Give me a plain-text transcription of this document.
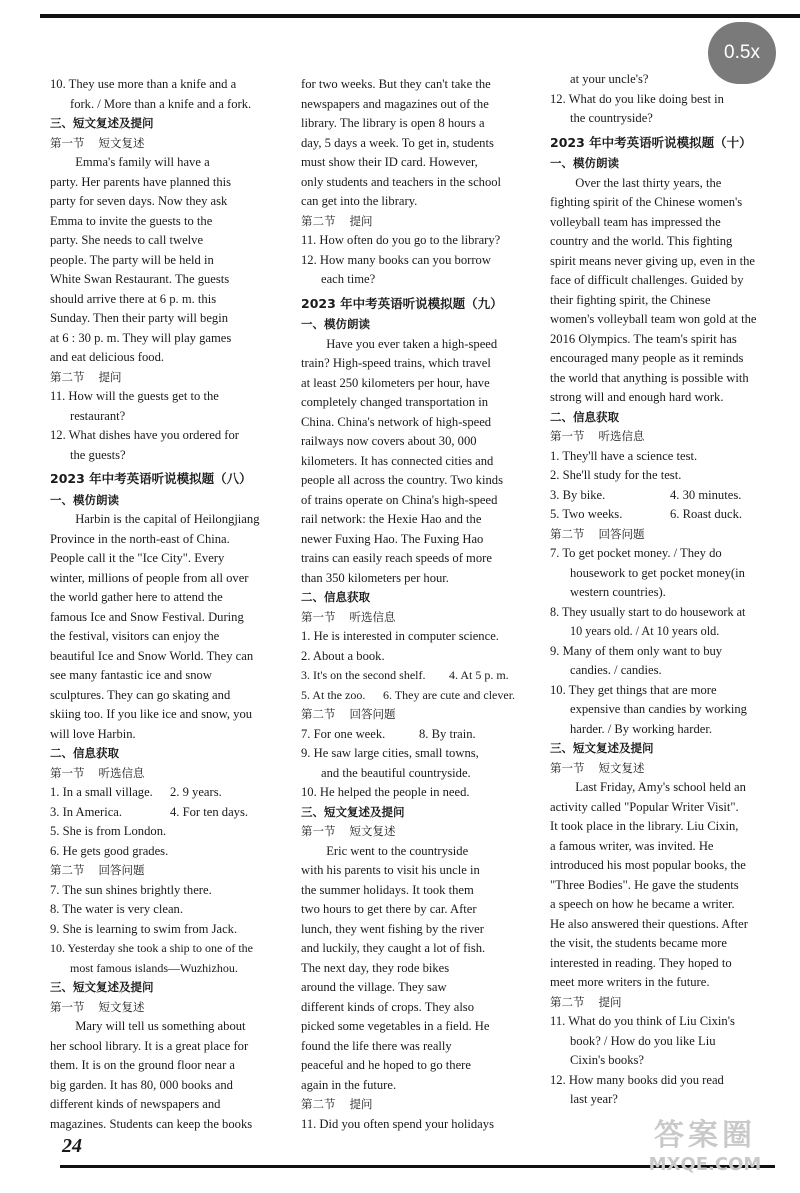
0.5x
10. They use more than a knife and a
fork. / More than a knife and a fork.
三、短文复述及提问
第一节 短文复述
Emma's family will have a
party. Her parents have planned this
party for seven days. Now they ask
Emma to invite the guests to the
party. She needs to call twelve
people. The party will be held in
White Swan Restaurant. The guests
should arrive there at 6 p. m. this
Sunday. Then their party will begin
at 6 : 30 p. m. They will play games
and eat delicious food.
第二节 提问
11. How will the guests get to the
restaurant?
12. What dishes have you ordered for
the guests?
2023 年中考英语听说模拟题（八）
一、模仿朗读
Harbin is the capital of Heilongjiang
Province in the north-east of China.
People call it the "Ice City". Every
winter, millions of people from all over
the world gather here to attend the
famous Ice and Snow Festival. During
the festival, visitors can enjoy the
beautiful Ice and Snow World. They can
see many fantastic ice and snow
sculptures. They can go skating and
skiing too. If you like ice and snow, you
will love Harbin.
二、信息获取
第一节 听选信息
1. In a small village.	2. 9 years.
3. In America.	4. For ten days.
5. She is from London.
6. He gets good grades.
第二节 回答问题
7. The sun shines brightly there.
8. The water is very clean.
9. She is learning to swim from Jack.
10. Yesterday she took a ship to one of the
most famous islands—Wuzhizhou.
三、短文复述及提问
第一节 短文复述
Mary will tell us something about
her school library. It is a great place for
them. It is on the ground floor near a
big garden. It has 80, 000 books and
different kinds of newspapers and
magazines. Students can keep the books
for two weeks. But they can't take the
newspapers and magazines out of the
library. The library is open 8 hours a
day, 5 days a week. To get in, students
must show their ID card. However,
only students and teachers in the school
can get into the library.
第二节 提问
11. How often do you go to the library?
12. How many books can you borrow
each time?
2023 年中考英语听说模拟题（九）
一、模仿朗读
Have you ever taken a high-speed
train? High-speed trains, which travel
at least 250 kilometers per hour, have
completely changed transportation in
China. China's network of high-speed
railways now covers about 30, 000
kilometers. It has connected cities and
people all across the country. Two kinds
of trains operate on China's high-speed
rail network: the Hexie Hao and the
newer Fuxing Hao. The Fuxing Hao
trains can easily reach speeds of more
than 350 kilometers per hour.
二、信息获取
第一节 听选信息
1. He is interested in computer science.
2. About a book.
3. It's on the second shelf.	4. At 5 p. m.
5. At the zoo.	6. They are cute and clever.
第二节 回答问题
7. For one week.	8. By train.
9. He saw large cities, small towns,
and the beautiful countryside.
10. He helped the people in need.
三、短文复述及提问
第一节 短文复述
Eric went to the countryside
with his parents to visit his uncle in
the summer holidays. It took them
two hours to get there by car. After
lunch, they went fishing by the river
and luckily, they caught a lot of fish.
The next day, they rode bikes
around the village. They saw
different kinds of crops. They also
picked some vegetables in a field. He
found the life there was really
peaceful and he hoped to go there
again in the future.
第二节 提问
11. Did you often spend your holidays
at your uncle's?
12. What do you like doing best in
the countryside?
2023 年中考英语听说模拟题（十）
一、模仿朗读
Over the last thirty years, the
fighting spirit of the Chinese women's
volleyball team has impressed the
country and the world. This fighting
spirit means never giving up, even in the
face of difficult challenges. Guided by
their fighting spirit, the Chinese
women's volleyball team won gold at the
2016 Olympics. The team's spirit has
encouraged many people as it reminds
the world that anything is possible with
strong will and enough hard work.
二、信息获取
第一节 听选信息
1. They'll have a science test.
2. She'll study for the test.
3. By bike.	4. 30 minutes.
5. Two weeks.	6. Roast duck.
第二节 回答问题
7. To get pocket money. / They do
housework to get pocket money(in
western countries).
8. They usually start to do housework at
10 years old. / At 10 years old.
9. Many of them only want to buy
candies. / candies.
10. They get things that are more
expensive than candies by working
harder. / By working harder.
三、短文复述及提问
第一节 短文复述
Last Friday, Amy's school held an
activity called "Popular Writer Visit".
It took place in the library. Liu Cixin,
a famous writer, was invited. He
introduced his most popular books, the
"Three Bodies". He gave the students
a speech on how he became a writer.
He also answered their questions. After
the visit, the students became more
interested in reading. They hoped to
meet more writers in the future.
第二节 提问
11. What do you think of Liu Cixin's
book? / How do you like Liu
Cixin's books?
12. How many books did you read
last year?
24	答案圈
MXQE.COM
